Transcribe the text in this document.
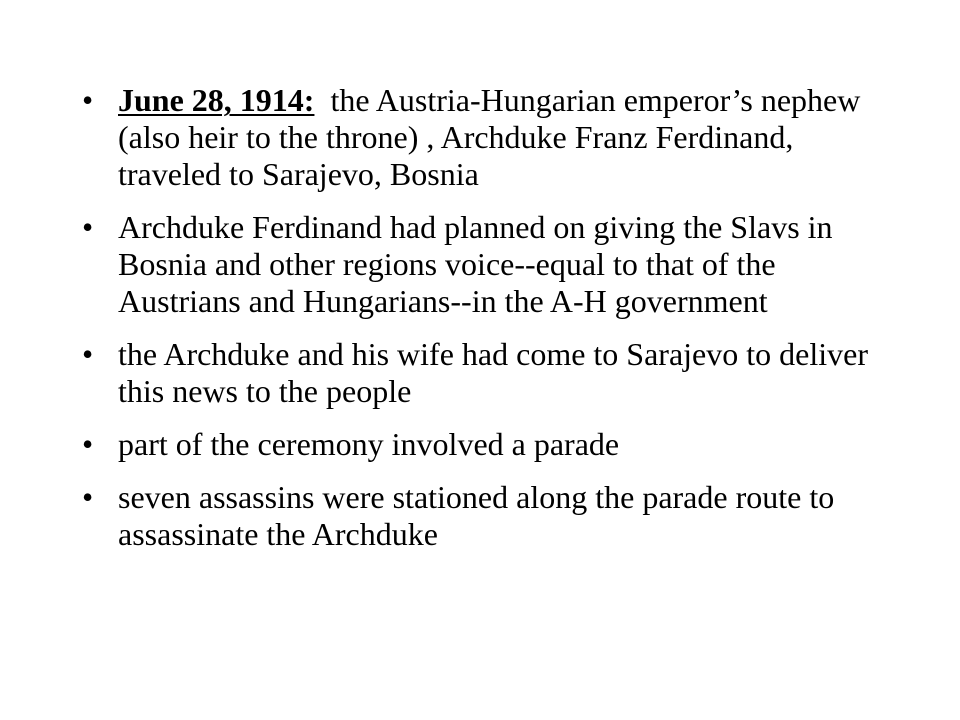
• June 28, 1914:  the Austria-Hungarian emperor’s nephew (also heir to the throne) , Archduke Franz Ferdinand, traveled to Sarajevo, Bosnia
• Archduke Ferdinand had planned on giving the Slavs in Bosnia and other regions voice--equal to that of the Austrians and Hungarians--in the A-H government
• the Archduke and his wife had come to Sarajevo to deliver this news to the people
• part of the ceremony involved a parade
• seven assassins were stationed along the parade route to assassinate the Archduke
